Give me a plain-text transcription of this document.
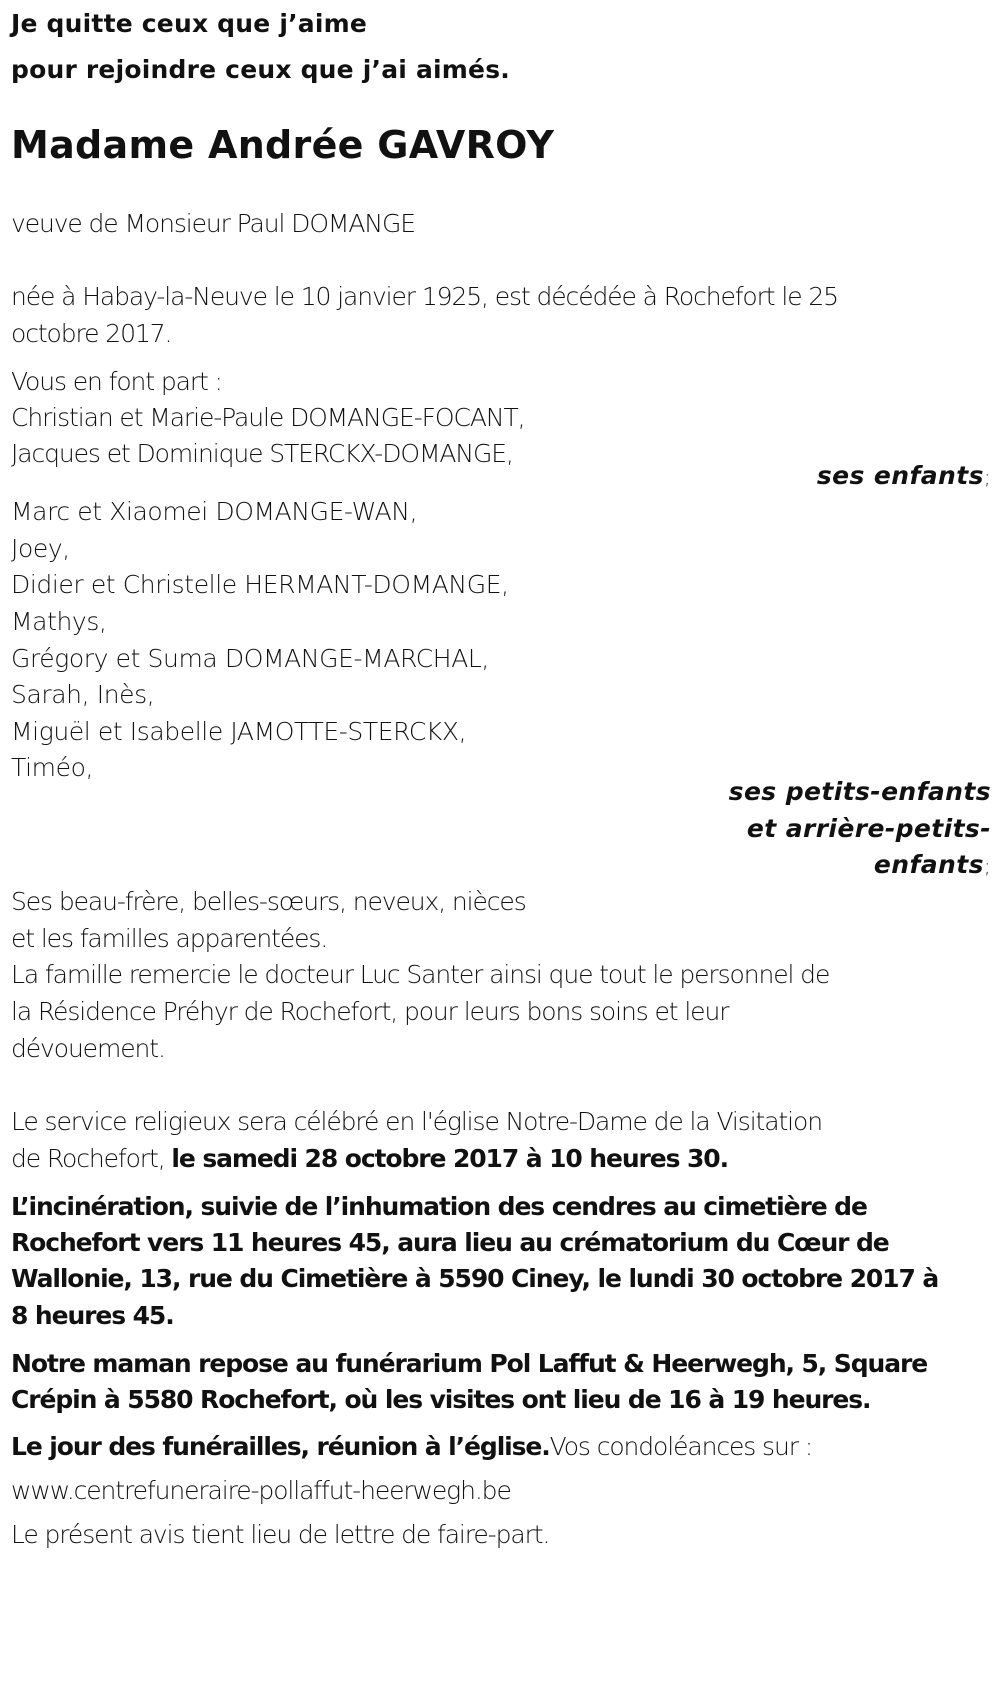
Je quitte ceux que j’aime
pour rejoindre ceux que j’ai aimés.
Madame Andrée GAVROY
veuve de Monsieur Paul DOMANGE
née à Habay-la-Neuve le 10 janvier 1925, est décédée à Rochefort le 25
octobre 2017.
Vous en font part :
Christian et Marie-Paule DOMANGE-FOCANT,
Jacques et Dominique STERCKX-DOMANGE,
ses enfants;
Marc et Xiaomei DOMANGE-WAN,
Joey,
Didier et Christelle HERMANT-DOMANGE,
Mathys,
Grégory et Suma DOMANGE-MARCHAL,
Sarah, Inès,
Miguël et Isabelle JAMOTTE-STERCKX,
Timéo,
ses petits-enfants
et arrière-petits-
enfants;
Ses beau-frère, belles-sœurs, neveux, nièces
et les familles apparentées.
La famille remercie le docteur Luc Santer ainsi que tout le personnel de
la Résidence Préhyr de Rochefort, pour leurs bons soins et leur
dévouement.
Le service religieux sera célébré en l'église Notre-Dame de la Visitation
de Rochefort, le samedi 28 octobre 2017 à 10 heures 30.
L’incinération, suivie de l’inhumation des cendres au cimetière de
Rochefort vers 11 heures 45, aura lieu au crématorium du Cœur de
Wallonie, 13, rue du Cimetière à 5590 Ciney, le lundi 30 octobre 2017 à
8 heures 45.
Notre maman repose au funérarium Pol Laffut & Heerwegh, 5, Square
Crépin à 5580 Rochefort, où les visites ont lieu de 16 à 19 heures.
Le jour des funérailles, réunion à l’église.Vos condoléances sur :
www.centrefuneraire-pollaffut-heerwegh.be
Le présent avis tient lieu de lettre de faire-part.
